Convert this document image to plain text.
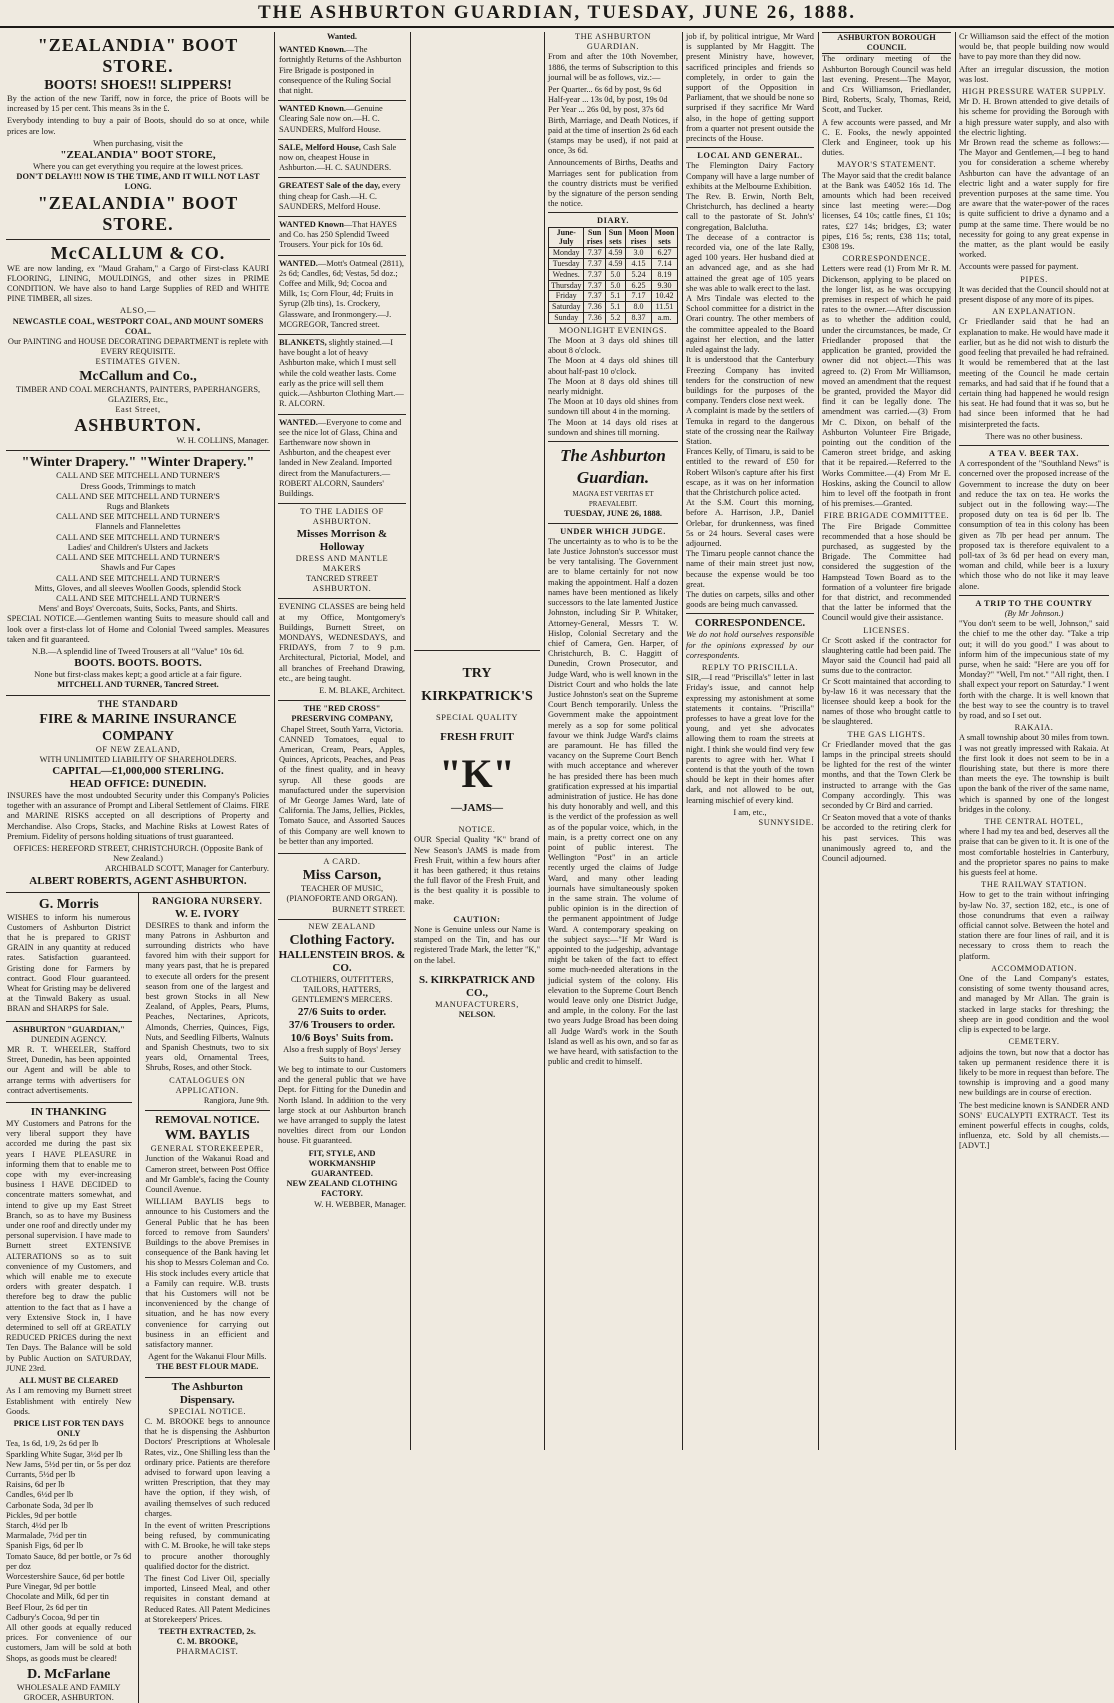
THE ASHBURTON GUARDIAN, TUESDAY, JUNE 26, 1888.
"ZEALANDIA" BOOT STORE.
BOOTS! SHOES!! SLIPPERS!

By the action of the new Tariff, now in force, the price of Boots will be increased by 15 per cent. This means 3s in the £.

Everybody intending to buy a pair of Boots, should do so at once, while prices are low.

When purchasing, visit the
"ZEALANDIA" BOOT STORE,
Where you can get everything you require at the lowest prices.
DON'T DELAY!!! NOW IS THE TIME, AND IT WILL NOT LAST LONG.
"ZEALANDIA" BOOT STORE.
McCALLUM & CO.

WE are now landing, ex "Maud Graham," a Cargo of First-class KAURI FLOORING, LINING, MOULDINGS, and other sizes in PRIME CONDITION. We have also to hand Large Supplies of RED and WHITE PINE TIMBER, all sizes.

ALSO,—
NEWCASTLE COAL, WESTPORT COAL, AND MOUNT SOMERS COAL.
Our PAINTING and HOUSE DECORATING DEPARTMENT is replete with EVERY REQUISITE.
ESTIMATES GIVEN.
McCallum and Co.,
TIMBER AND COAL MERCHANTS, PAINTERS, PAPERHANGERS, GLAZIERS, Etc.,
East Street,
ASHBURTON.
W. H. COLLINS, Manager.
"Winter Drapery." "Winter Drapery."
CALL AND SEE MITCHELL AND TURNER'S
Dress Goods, Trimmings to match
CALL AND SEE MITCHELL AND TURNER'S
Rugs and Blankets
CALL AND SEE MITCHELL AND TURNER'S
Flannels and Flannelettes
CALL AND SEE MITCHELL AND TURNER'S
Ladies' and Children's Ulsters and Jackets
CALL AND SEE MITCHELL AND TURNER'S
Shawls and Fur Capes
CALL AND SEE MITCHELL AND TURNER'S
Mitts, Gloves, and all sleeves Woollen Goods, splendid Stock
CALL AND SEE MITCHELL AND TURNER'S
Mens' and Boys' Overcoats, Suits, Socks, Pants, and Shirts.

SPECIAL NOTICE.—Gentlemen wanting Suits to measure should call and look over a first-class lot of Home and Colonial Tweed samples. Measures taken and fit guaranteed.

N.B.—A splendid line of Tweed Trousers at all "Value" 10s 6d.
BOOTS. BOOTS. BOOTS.
None but first-class makes kept; a good article at a fair figure.
MITCHELL AND TURNER, Tancred Street.
THE STANDARD
FIRE & MARINE INSURANCE COMPANY
OF NEW ZEALAND,
WITH UNLIMITED LIABILITY OF SHAREHOLDERS.
CAPITAL—£1,000,000 STERLING.
HEAD OFFICE: DUNEDIN.

INSURES have the most undoubted Security under this Company's Policies together with an assurance of Prompt and Liberal Settlement of Claims. FIRE and MARINE RISKS accepted on all descriptions of Property and Merchandise. Also Crops, Stacks, and Machine Risks at Lowest Rates of Premium. Fidelity of persons holding situations of trust guaranteed.

OFFICES: HEREFORD STREET, CHRISTCHURCH. (Opposite Bank of New Zealand.)
ARCHIBALD SCOTT, Manager for Canterbury.
ALBERT ROBERTS, AGENT ASHBURTON.
G. Morris

WISHES to inform his numerous Customers of Ashburton District that he is prepared to GRIST GRAIN in any quantity at reduced rates. Satisfaction guaranteed. Gristing done for Farmers by contract. Good Flour guaranteed. Wheat for Gristing may be delivered at the Tinwald Bakery as usual. BRAN and SHARPS for Sale.

ASHBURTON "GUARDIAN,"
DUNEDIN AGENCY.

MR R. T. WHEELER, Stafford Street, Dunedin, has been appointed our Agent and will be able to arrange terms with advertisers for contract advertisements.

IN THANKING

MY Customers and Patrons for the very liberal support they have accorded me during the past six years I HAVE PLEASURE in informing them that to enable me to cope with my ever-increasing business I HAVE DECIDED to concentrate matters somewhat, and intend to give up my East Street Branch, so as to have my Business under one roof and directly under my personal supervision. I have made to Burnett street EXTENSIVE ALTERATIONS so as to suit convenience of my Customers, and which will enable me to execute orders with greater despatch. I therefore beg to draw the public attention to the fact that as I have a very Extensive Stock in, I have determined to sell off at GREATLY REDUCED PRICES during the next Ten Days. The Balance will be sold by Public Auction on SATURDAY, JUNE 23rd.

ALL MUST BE CLEARED

As I am removing my Burnett street Establishment with entirely New Goods.

PRICE LIST FOR TEN DAYS ONLY
Tea, 1s 6d, 1/9, 2s 6d per lb
Sparkling White Sugar, 3½d per lb
New Jams, 5½d per tin, or 5s per doz
Currants, 5½d per lb
Raisins, 6d per lb
Candles, 6½d per lb
Carbonate Soda, 3d per lb
Pickles, 9d per bottle
Starch, 4½d per lb
Marmalade, 7½d per tin
Spanish Figs, 6d per lb
Tomato Sauce, 8d per bottle, or 7s 6d per doz
Worcestershire Sauce, 6d per bottle
Pure Vinegar, 9d per bottle
Chocolate and Milk, 6d per tin
Beef Flour, 2s 6d per tin
Cadbury's Cocoa, 9d per tin

All other goods at equally reduced prices. For convenience of our customers, Jam will be sold at both Shops, as goods must be cleared!

D. McFarlane
WHOLESALE AND FAMILY GROCER, ASHBURTON.
RANGIORA NURSERY.
W. E. IVORY

DESIRES to thank and inform the many Patrons in Ashburton and surrounding districts who have favored him with their support for many years past, that he is prepared to execute all orders for the present season from one of the largest and best grown Stocks in all New Zealand, of Apples, Pears, Plums, Peaches, Nectarines, Apricots, Almonds, Cherries, Quinces, Figs, Nuts, and Seedling Filberts, Walnuts and Spanish Chestnuts, two to six years old, Ornamental Trees, Shrubs, Roses, and other Stock.

CATALOGUES ON APPLICATION.
Rangiora, June 9th.
REMOVAL NOTICE.
WM. BAYLIS
GENERAL STOREKEEPER,

Junction of the Wakanui Road and Cameron street, between Post Office and Mr Gamble's, facing the County Council Avenue.

WILLIAM BAYLIS begs to announce to his Customers and the General Public that he has been forced to remove from Saunders' Buildings to the above Premises in consequence of the Bank having let his shop to Messrs Coleman and Co. His stock includes every article that a Family can require. W.B. trusts that his Customers will not be inconvenienced by the change of situation, and he has now every convenience for carrying out business in an efficient and satisfactory manner.

Agent for the Wakanui Flour Mills.
THE BEST FLOUR MADE.
The Ashburton Dispensary.
SPECIAL NOTICE.

C. M. BROOKE begs to announce that he is dispensing the Ashburton Doctors' Prescriptions at Wholesale Rates, viz., One Shilling less than the ordinary price. Patients are therefore advised to forward upon leaving a written Prescription, that they may have the option, if they wish, of availing themselves of such reduced charges.

In the event of written Prescriptions being refused, by communicating with C. M. Brooke, he will take steps to procure another thoroughly qualified doctor for the district.

The finest Cod Liver Oil, specially imported, Linseed Meal, and other requisites in constant demand at Reduced Rates. All Patent Medicines at Storekeepers' Prices.

TEETH EXTRACTED, 2s.
C. M. BROOKE,
PHARMACIST.
Wanted.
WANTED Known.—The fortnightly Returns of the Ashburton Fire Brigade is postponed in consequence of the Ruling Social that night.
WANTED Known.—Genuine Clearing Sale now on.—H. C. SAUNDERS, Mulford House.
SALE, Melford House, Cash Sale now on, cheapest House in Ashburton.—H. C. SAUNDERS.
GREATEST Sale of the day, every thing cheap for Cash.—H. C. SAUNDERS, Melford House.
WANTED Known—That HAYES and Co. has 250 Splendid Tweed Trousers. Your pick for 10s 6d.
WANTED.—Mott's Oatmeal (2811), 2s 6d; Candles, 6d; Vestas, 5d doz.; Coffee and Milk, 9d; Cocoa and Milk, 1s; Corn Flour, 4d; Fruits in Syrup (2lb tins), 1s. Crockery, Glassware, and Ironmongery.—J. MCGREGOR, Tancred street.
BLANKETS, slightly stained.—I have bought a lot of heavy Ashburton make, which I must sell while the cold weather lasts. Come early as the price will sell them quick.—Ashburton Clothing Mart.—R. ALCORN.
WANTED.—Everyone to come and see the nice lot of Glass, China and Earthenware now shown in Ashburton, and the cheapest ever landed in New Zealand. Imported direct from the Manufacturers.—ROBERT ALCORN, Saunders' Buildings.
TO THE LADIES OF ASHBURTON.
Misses Morrison & Holloway
DRESS AND MANTLE MAKERS
TANCRED STREET
ASHBURTON.

EVENING CLASSES are being held at my Office, Montgomery's Buildings, Burnett Street, on MONDAYS, WEDNESDAYS, and FRIDAYS, from 7 to 9 p.m. Architectural, Pictorial, Model, and all branches of Freehand Drawing, etc., are being taught.

E. M. BLAKE, Architect.
THE "RED CROSS" PRESERVING COMPANY,
Chapel Street, South Yarra, Victoria.

CANNED Tomatoes, equal to American, Cream, Pears, Apples, Quinces, Apricots, Peaches, and Peas of the finest quality, and in heavy syrup. All these goods are manufactured under the supervision of Mr George James Ward, late of California. The Jams, Jellies, Pickles, Tomato Sauce, and Assorted Sauces of this Company are well known to be better than any imported.

A CARD.
Miss Carson,
TEACHER OF MUSIC,
(PIANOFORTE AND ORGAN).
BURNETT STREET.
NEW ZEALAND
Clothing Factory.
HALLENSTEIN BROS. & CO.
CLOTHIERS, OUTFITTERS, TAILORS, HATTERS, GENTLEMEN'S MERCERS.
27/6 Suits to order.
37/6 Trousers to order.
10/6 Boys' Suits from.
Also a fresh supply of Boys' Jersey Suits to hand.

We beg to intimate to our Customers and the general public that we have Dept. for Fitting for the Dunedin and North Island. In addition to the very large stock at our Ashburton branch we have arranged to supply the latest novelties direct from our London house. Fit guaranteed.

FIT, STYLE, AND WORKMANSHIP GUARANTEED.
NEW ZEALAND CLOTHING FACTORY.
W. H. WEBBER, Manager.
TRY
KIRKPATRICK'S
SPECIAL QUALITY
FRESH FRUIT
"K"
—JAMS—
NOTICE.

OUR Special Quality "K" brand of New Season's JAMS is made from Fresh Fruit, within a few hours after it has been gathered; it thus retains the full flavor of the Fresh Fruit, and is the best quality it is possible to make.

CAUTION:

None is Genuine unless our Name is stamped on the Tin, and has our registered Trade Mark, the letter "K," on the label.

S. KIRKPATRICK AND CO.,
MANUFACTURERS,
NELSON.
THE ASHBURTON GUARDIAN.

From and after the 10th November, 1886, the terms of Subscription to this journal will be as follows, viz.:—

Per Quarter... 6s 6d by post, 9s 6d
Half-year ... 13s 0d, by post, 19s 0d
Per Year ... 26s 0d, by post, 37s 6d

Birth, Marriage, and Death Notices, if paid at the time of insertion 2s 6d each (stamps may be used), if not paid at once, 3s 6d.

Announcements of Births, Deaths and Marriages sent for publication from the country districts must be verified by the signature of the person sending the notice.

DIARY.
June-July	Sun rises	Sun sets	Moon rises	Moon sets
Monday	7.37	4.59	3.0	6.27
Tuesday	7.37	4.59	4.15	7.14
Wednes.	7.37	5.0	5.24	8.19
Thursday	7.37	5.0	6.25	9.30
Friday	7.37	5.1	7.17	10.42
Saturday	7.36	5.1	8.0	11.51
Sunday	7.36	5.2	8.37	a.m.
MOONLIGHT EVENINGS.

The Moon at 3 days old shines till about 8 o'clock.
The Moon at 4 days old shines till about half-past 10 o'clock.
The Moon at 8 days old shines till nearly midnight.
The Moon at 10 days old shines from sundown till about 4 in the morning.
The Moon at 14 days old rises at sundown and shines till morning.

The Ashburton Guardian.
MAGNA EST VERITAS ET PRAEVALEBIT.
TUESDAY, JUNE 26, 1888.
UNDER WHICH JUDGE.

The uncertainty as to who is to be the late Justice Johnston's successor must be very tantalising. The Government are to blame certainly for not now making the appointment. Half a dozen names have been mentioned as likely successors to the late lamented Justice Johnston, including Sir P. Whitaker, Attorney-General, Messrs T. W. Hislop, Colonial Secretary and the chief of Camera, Gen. Harper, of Christchurch, B. C. Haggitt of Dunedin, Crown Prosecutor, and Judge Ward, who is well known in the District Court and who holds the late Justice Johnston's seat on the Supreme Court Bench temporarily. Unless the Government make the appointment merely as a sop for some political favour we think Judge Ward's claims are paramount. He has filled the vacancy on the Supreme Court Bench with much acceptance and wherever he has presided there has been much gratification expressed at his impartial administration of justice. He has done his duty honorably and well, and this is the verdict of the profession as well as of the popular voice, which, in the main, is a pretty correct one on any point of public interest. The Wellington "Post" in an article recently urged the claims of Judge Ward, and many other leading journals have simultaneously spoken in the same strain. The volume of public opinion is in the direction of the permanent appointment of Judge Ward. A contemporary speaking on the subject says:—"If Mr Ward is appointed to the judgeship, advantage might be taken of the fact to effect some much-needed alterations in the judicial system of the colony. His elevation to the Supreme Court Bench would leave only one District Judge, and ample, in the colony. For the last two years Judge Broad has been doing all Judge Ward's work in the South Island as well as his own, and so far as we have heard, with satisfaction to the public and credit to himself.

job if, by political intrigue, Mr Ward is supplanted by Mr Haggitt. The present Ministry have, however, sacrificed principles and friends so completely, in order to gain the support of the Opposition in Parliament, that we should be none so surprised if they sacrifice Mr Ward also, in the hope of getting support from a quarter not present outside the precincts of the House.

LOCAL AND GENERAL.

The Flemington Dairy Factory Company will have a large number of exhibits at the Melbourne Exhibition.
The Rev. B. Erwin, North Belt, Christchurch, has declined a hearty call to the pastorate of St. John's' congregation, Balclutha.
The decease of a contractor is recorded via, one of the late Rally, aged 100 years. Her husband died at an advanced age, and as she had attained the great age of 105 years she was able to walk erect to the last.
A Mrs Tindale was elected to the School committee for a district in the Orari country. The other members of the committee appealed to the Board against her election, and the latter ruled against the lady.
It is understood that the Canterbury Freezing Company has invited tenders for the construction of new buildings for the purposes of the company. Tenders close next week.
A complaint is made by the settlers of Temuka in regard to the dangerous state of the crossing near the Railway Station.
Frances Kelly, of Timaru, is said to be entitled to the reward of £50 for Robert Wilson's capture after his first escape, as it was on her information that the Christchurch police acted.
At the S.M. Court this morning, before A. Harrison, J.P., Daniel Orlebar, for drunkenness, was fined 5s or 24 hours. Several cases were adjourned.
The Timaru people cannot chance the name of their main street just now, because the expense would be too great.
The duties on carpets, silks and other goods are being much canvassed.

CORRESPONDENCE.

We do not hold ourselves responsible for the opinions expressed by our correspondents.

REPLY TO PRISCILLA.

SIR,—I read "Priscilla's" letter in last Friday's issue, and cannot help expressing my astonishment at some statements it contains. "Priscilla" professes to have a great love for the young, and yet she advocates allowing them to roam the streets at night. I think she would find very few parents to agree with her. What I contend is that the youth of the town should be kept in their homes after dark, and not allowed to be out, learning mischief of every kind.

I am, etc.,
SUNNYSIDE.
ASHBURTON BOROUGH COUNCIL

The ordinary meeting of the Ashburton Borough Council was held last evening. Present—The Mayor, and Crs Williamson, Friedlander, Bird, Roberts, Scaly, Thomas, Reid, Scott, and Tucker.

A few accounts were passed, and Mr C. E. Fooks, the newly appointed Clerk and Engineer, took up his duties.

MAYOR'S STATEMENT.

The Mayor said that the credit balance at the Bank was £4052 16s 1d. The amounts which had been received since last meeting were:—Dog licenses, £4 10s; cattle fines, £1 10s; rates, £27 14s; bridges, £3; water pipes, £16 5s; rents, £38 11s; total, £308 19s.

CORRESPONDENCE.

Letters were read (1) From Mr R. M. Dickenson, applying to be placed on the longer list, as he was occupying premises in respect of which he paid rates to the owner.—After discussion as to whether the addition could, under the circumstances, be made, Cr Friedlander proposed that the application be granted, provided the owner did not object.—This was agreed to. (2) From Mr Williamson, moved an amendment that the request be granted, provided the Mayor did find it can be legally done. The amendment was carried.—(3) From Mr C. Dixon, on behalf of the Ashburton Volunteer Fire Brigade, pointing out the condition of the Cameron street bridge, and asking that it be repaired.—Referred to the Works Committee.—(4) From Mr E. Hoskins, asking the Council to allow him to level off the footpath in front of his premises.—Granted.

FIRE BRIGADE COMMITTEE.

The Fire Brigade Committee recommended that a hose should be purchased, as suggested by the Brigade. The Committee had considered the suggestion of the Hampstead Town Board as to the formation of a volunteer fire brigade for that district, and recommended that the latter be informed that the Council would give their assistance.

LICENSES.

Cr Scott asked if the contractor for slaughtering cattle had been paid. The Mayor said the Council had paid all sums due to the contractor.
Cr Scott maintained that according to by-law 16 it was necessary that the licensee should keep a book for the names of those who brought cattle to be slaughtered.

THE GAS LIGHTS.

Cr Friedlander moved that the gas lamps in the principal streets should be lighted for the rest of the winter months, and that the Town Clerk be instructed to arrange with the Gas Company accordingly. This was seconded by Cr Bird and carried.

Cr Seaton moved that a vote of thanks be accorded to the retiring clerk for his past services. This was unanimously agreed to, and the Council adjourned.

Cr Williamson said the effect of the motion would be, that people building now would have to pay more than they did now.

After an irregular discussion, the motion was lost.

HIGH PRESSURE WATER SUPPLY.

Mr D. H. Brown attended to give details of his scheme for providing the Borough with a high pressure water supply, and also with the electric lighting.
Mr Brown read the scheme as follows:—The Mayor and Gentlemen,—I beg to hand you for consideration a scheme whereby Ashburton can have the advantage of an electric light and a water supply for fire prevention purposes at the same time. You are aware that the water-power of the races is quite sufficient to drive a dynamo and a pump at the same time. There would be no necessity for going to any great expense in the matter, as the plant would be easily worked.

Accounts were passed for payment.

PIPES.

It was decided that the Council should not at present dispose of any more of its pipes.

AN EXPLANATION.

Cr Friedlander said that he had an explanation to make. He would have made it earlier, but as he did not wish to disturb the good feeling that prevailed he had refrained. It would be remembered that at the last meeting of the Council he made certain remarks, and had said that if he found that a certain thing had happened he would resign his seat. He had found that it was so, but he had since been informed that he had misinterpreted the facts.

There was no other business.
A TEA V. BEER TAX.

A correspondent of the "Southland News" is concerned over the proposed increase of the Government to increase the duty on beer and reduce the tax on tea. He works the subject out in the following way:—The proposed duty on tea is 6d per lb. The consumption of tea in this colony has been given as 7lb per head per annum. The proposed tax is therefore equivalent to a poll-tax of 3s 6d per head on every man, woman and child, while beer is a luxury which those who do not like it may leave alone.

A TRIP TO THE COUNTRY
(By Mr Johnson.)

"You don't seem to be well, Johnson," said the chief to me the other day. "Take a trip out; it will do you good." I was about to inform him of the impecunious state of my purse, when he said: "Here are you off for Monday?" "Well, I'm not." "All right, then. I shall expect your report on Saturday." I went forth with the charge. It is well known that the best way to see the country is to travel by road, and so I set out.

RAKAIA.

A small township about 30 miles from town. I was not greatly impressed with Rakaia. At the first look it does not seem to be in a flourishing state, but there is more there than meets the eye. The township is built upon the bank of the river of the same name, which is spanned by one of the longest bridges in the colony.

THE CENTRAL HOTEL,

where I had my tea and bed, deserves all the praise that can be given to it. It is one of the most comfortable hostelries in Canterbury, and the proprietor spares no pains to make his guests feel at home.

THE RAILWAY STATION.

How to get to the train without infringing by-law No. 37, section 182, etc., is one of those conundrums that even a railway official cannot solve. Between the hotel and station there are four lines of rail, and it is necessary to cross them to reach the platform.

ACCOMMODATION.

One of the Land Company's estates, consisting of some twenty thousand acres, and managed by Mr Allan. The grain is stacked in large stacks for threshing; the sheep are in good condition and the wool clip is expected to be large.

CEMETERY.

adjoins the town, but now that a doctor has taken up permanent residence there it is likely to be more in request than before. The township is improving and a good many new buildings are in course of erection.

The best medicine known is SANDER AND SONS' EUCALYPTI EXTRACT. Test its eminent powerful effects in coughs, colds, influenza, etc. Sold by all chemists.—[ADVT.]
